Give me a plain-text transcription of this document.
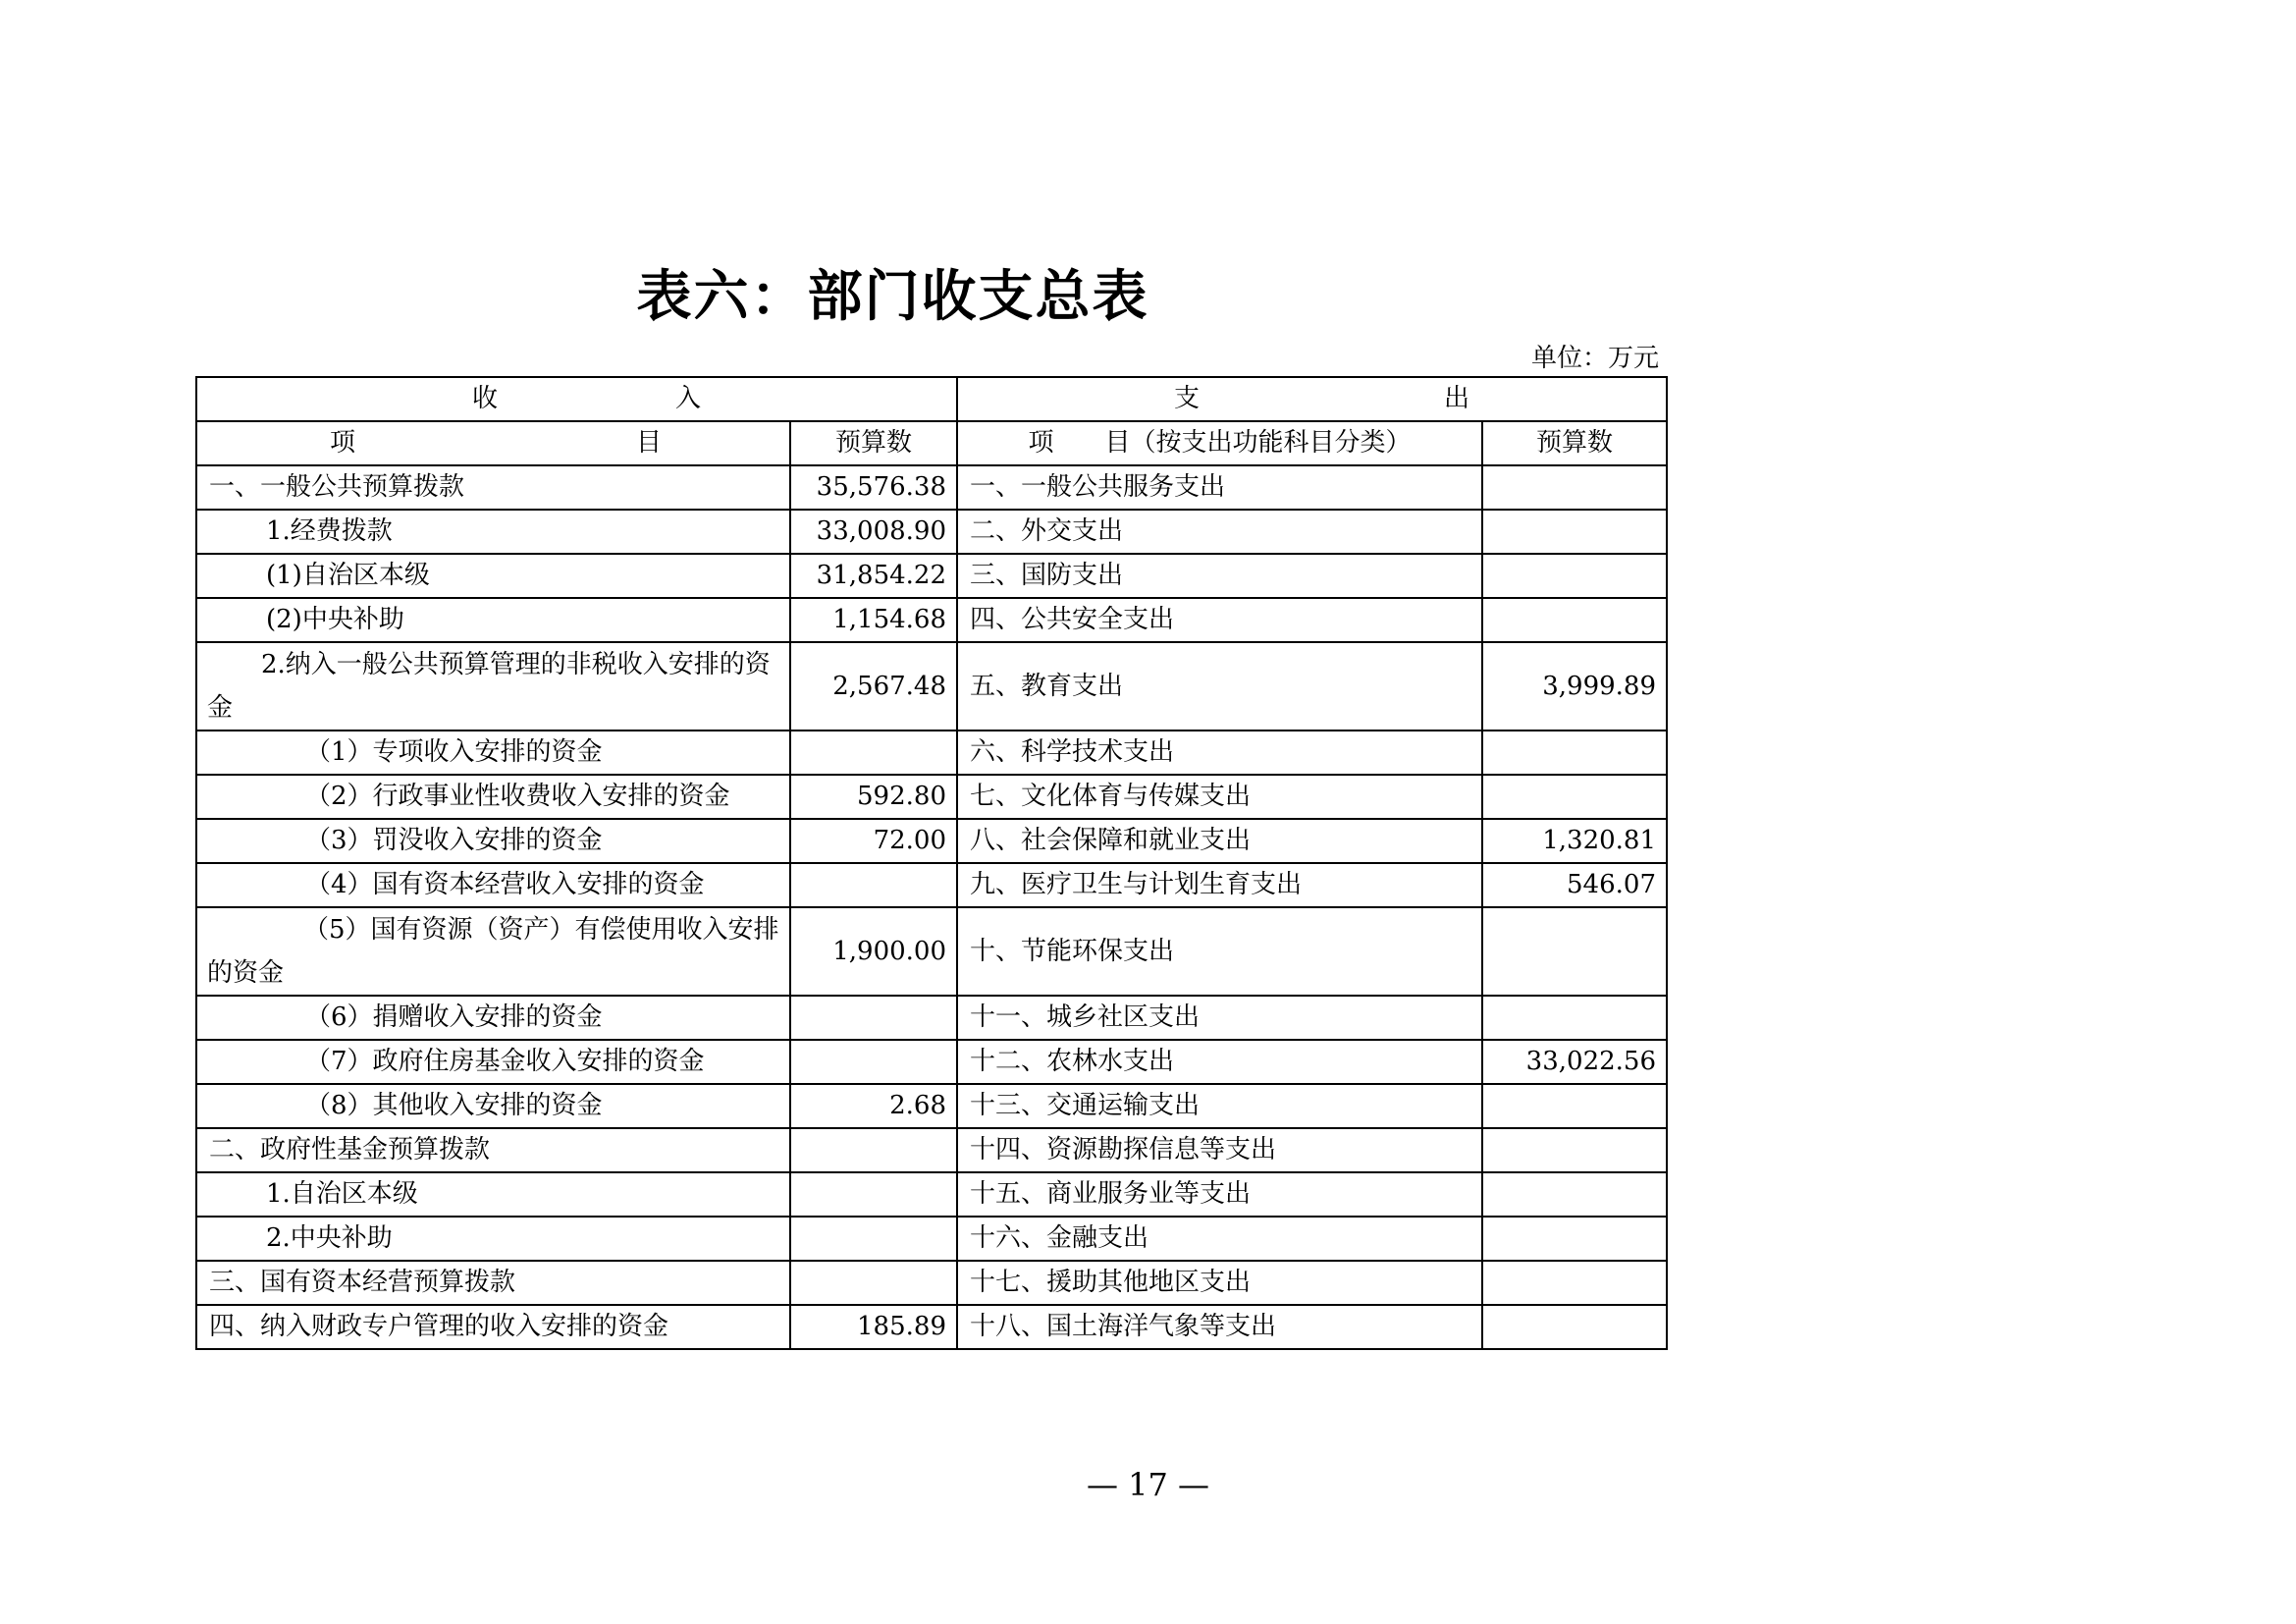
表六：部门收支总表
单位：万元
收 入		支 出	

项 目	预算数	项　　目（按支出功能科目分类）	预算数
一、一般公共预算拨款	35,576.38	一、一般公共服务支出	
1.经费拨款	33,008.90	二、外交支出	
(1)自治区本级	31,854.22	三、国防支出	
(2)中央补助	1,154.68	四、公共安全支出	
2.纳入一般公共预算管理的非税收入安排的资金	2,567.48	五、教育支出	3,999.89
（1）专项收入安排的资金		六、科学技术支出	
（2）行政事业性收费收入安排的资金	592.80	七、文化体育与传媒支出	
（3）罚没收入安排的资金	72.00	八、社会保障和就业支出	1,320.81
（4）国有资本经营收入安排的资金		九、医疗卫生与计划生育支出	546.07
（5）国有资源（资产）有偿使用收入安排的资金	1,900.00	十、节能环保支出	
（6）捐赠收入安排的资金		十一、城乡社区支出	
（7）政府住房基金收入安排的资金		十二、农林水支出	33,022.56
（8）其他收入安排的资金	2.68	十三、交通运输支出	
二、政府性基金预算拨款		十四、资源勘探信息等支出	
1.自治区本级		十五、商业服务业等支出	
2.中央补助		十六、金融支出	
三、国有资本经营预算拨款		十七、援助其他地区支出	
四、纳入财政专户管理的收入安排的资金	185.89	十八、国土海洋气象等支出	
— 17 —
